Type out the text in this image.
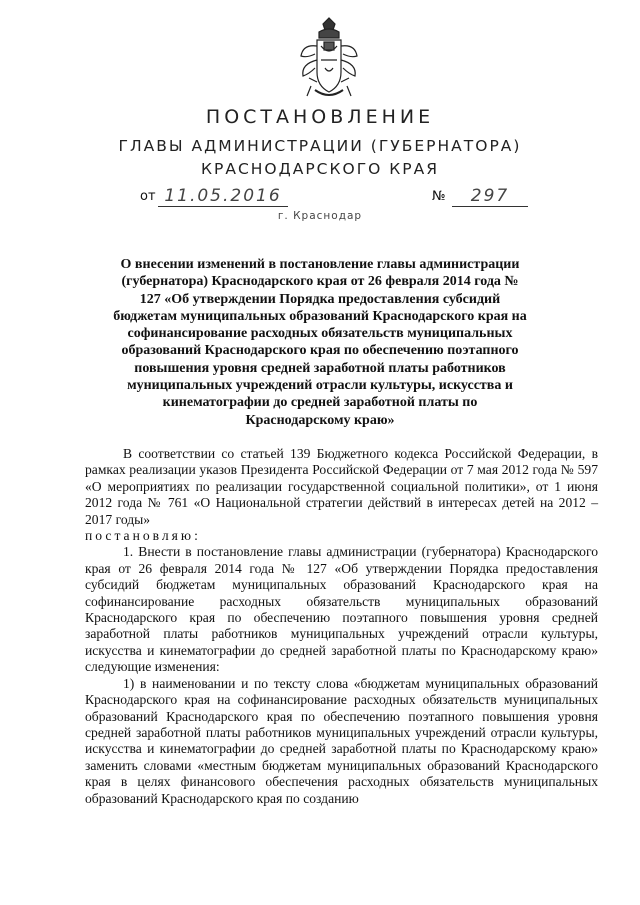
ПОСТАНОВЛЕНИЕ
ГЛАВЫ АДМИНИСТРАЦИИ (ГУБЕРНАТОРА)
КРАСНОДАРСКОГО КРАЯ
от 11.05.2016	№	297
г. Краснодар
О внесении изменений в постановление главы администрации (губернатора) Краснодарского края от 26 февраля 2014 года № 127 «Об утверждении Порядка предоставления субсидий бюджетам муниципальных образований Краснодарского края на софинансирование расходных обязательств муниципальных образований Краснодарского края по обеспечению поэтапного повышения уровня средней заработной платы работников муниципальных учреждений отрасли культуры, искусства и кинематографии до средней заработной платы по Краснодарскому краю»

В соответствии со статьей 139 Бюджетного кодекса Российской Федерации, в рамках реализации указов Президента Российской Федерации от 7 мая 2012 года № 597 «О мероприятиях по реализации государственной социальной политики», от 1 июня 2012 года № 761 «О Национальной стратегии действий в интересах детей на 2012 – 2017 годы»

постановляю:

1. Внести в постановление главы администрации (губернатора) Краснодарского края от 26 февраля 2014 года № 127 «Об утверждении Порядка предоставления субсидий бюджетам муниципальных образований Краснодарского края на софинансирование расходных обязательств муниципальных образований Краснодарского края по обеспечению поэтапного повышения уровня средней заработной платы работников муниципальных учреждений отрасли культуры, искусства и кинематографии до средней заработной платы по Краснодарскому краю» следующие изменения:

1) в наименовании и по тексту слова «бюджетам муниципальных образований Краснодарского края на софинансирование расходных обязательств муниципальных образований Краснодарского края по обеспечению поэтапного повышения уровня средней заработной платы работников муниципальных учреждений отрасли культуры, искусства и кинематографии до средней заработной платы по Краснодарскому краю» заменить словами «местным бюджетам муниципальных образований Краснодарского края в целях финансового обеспечения расходных обязательств муниципальных образований Краснодарского края по созданию
